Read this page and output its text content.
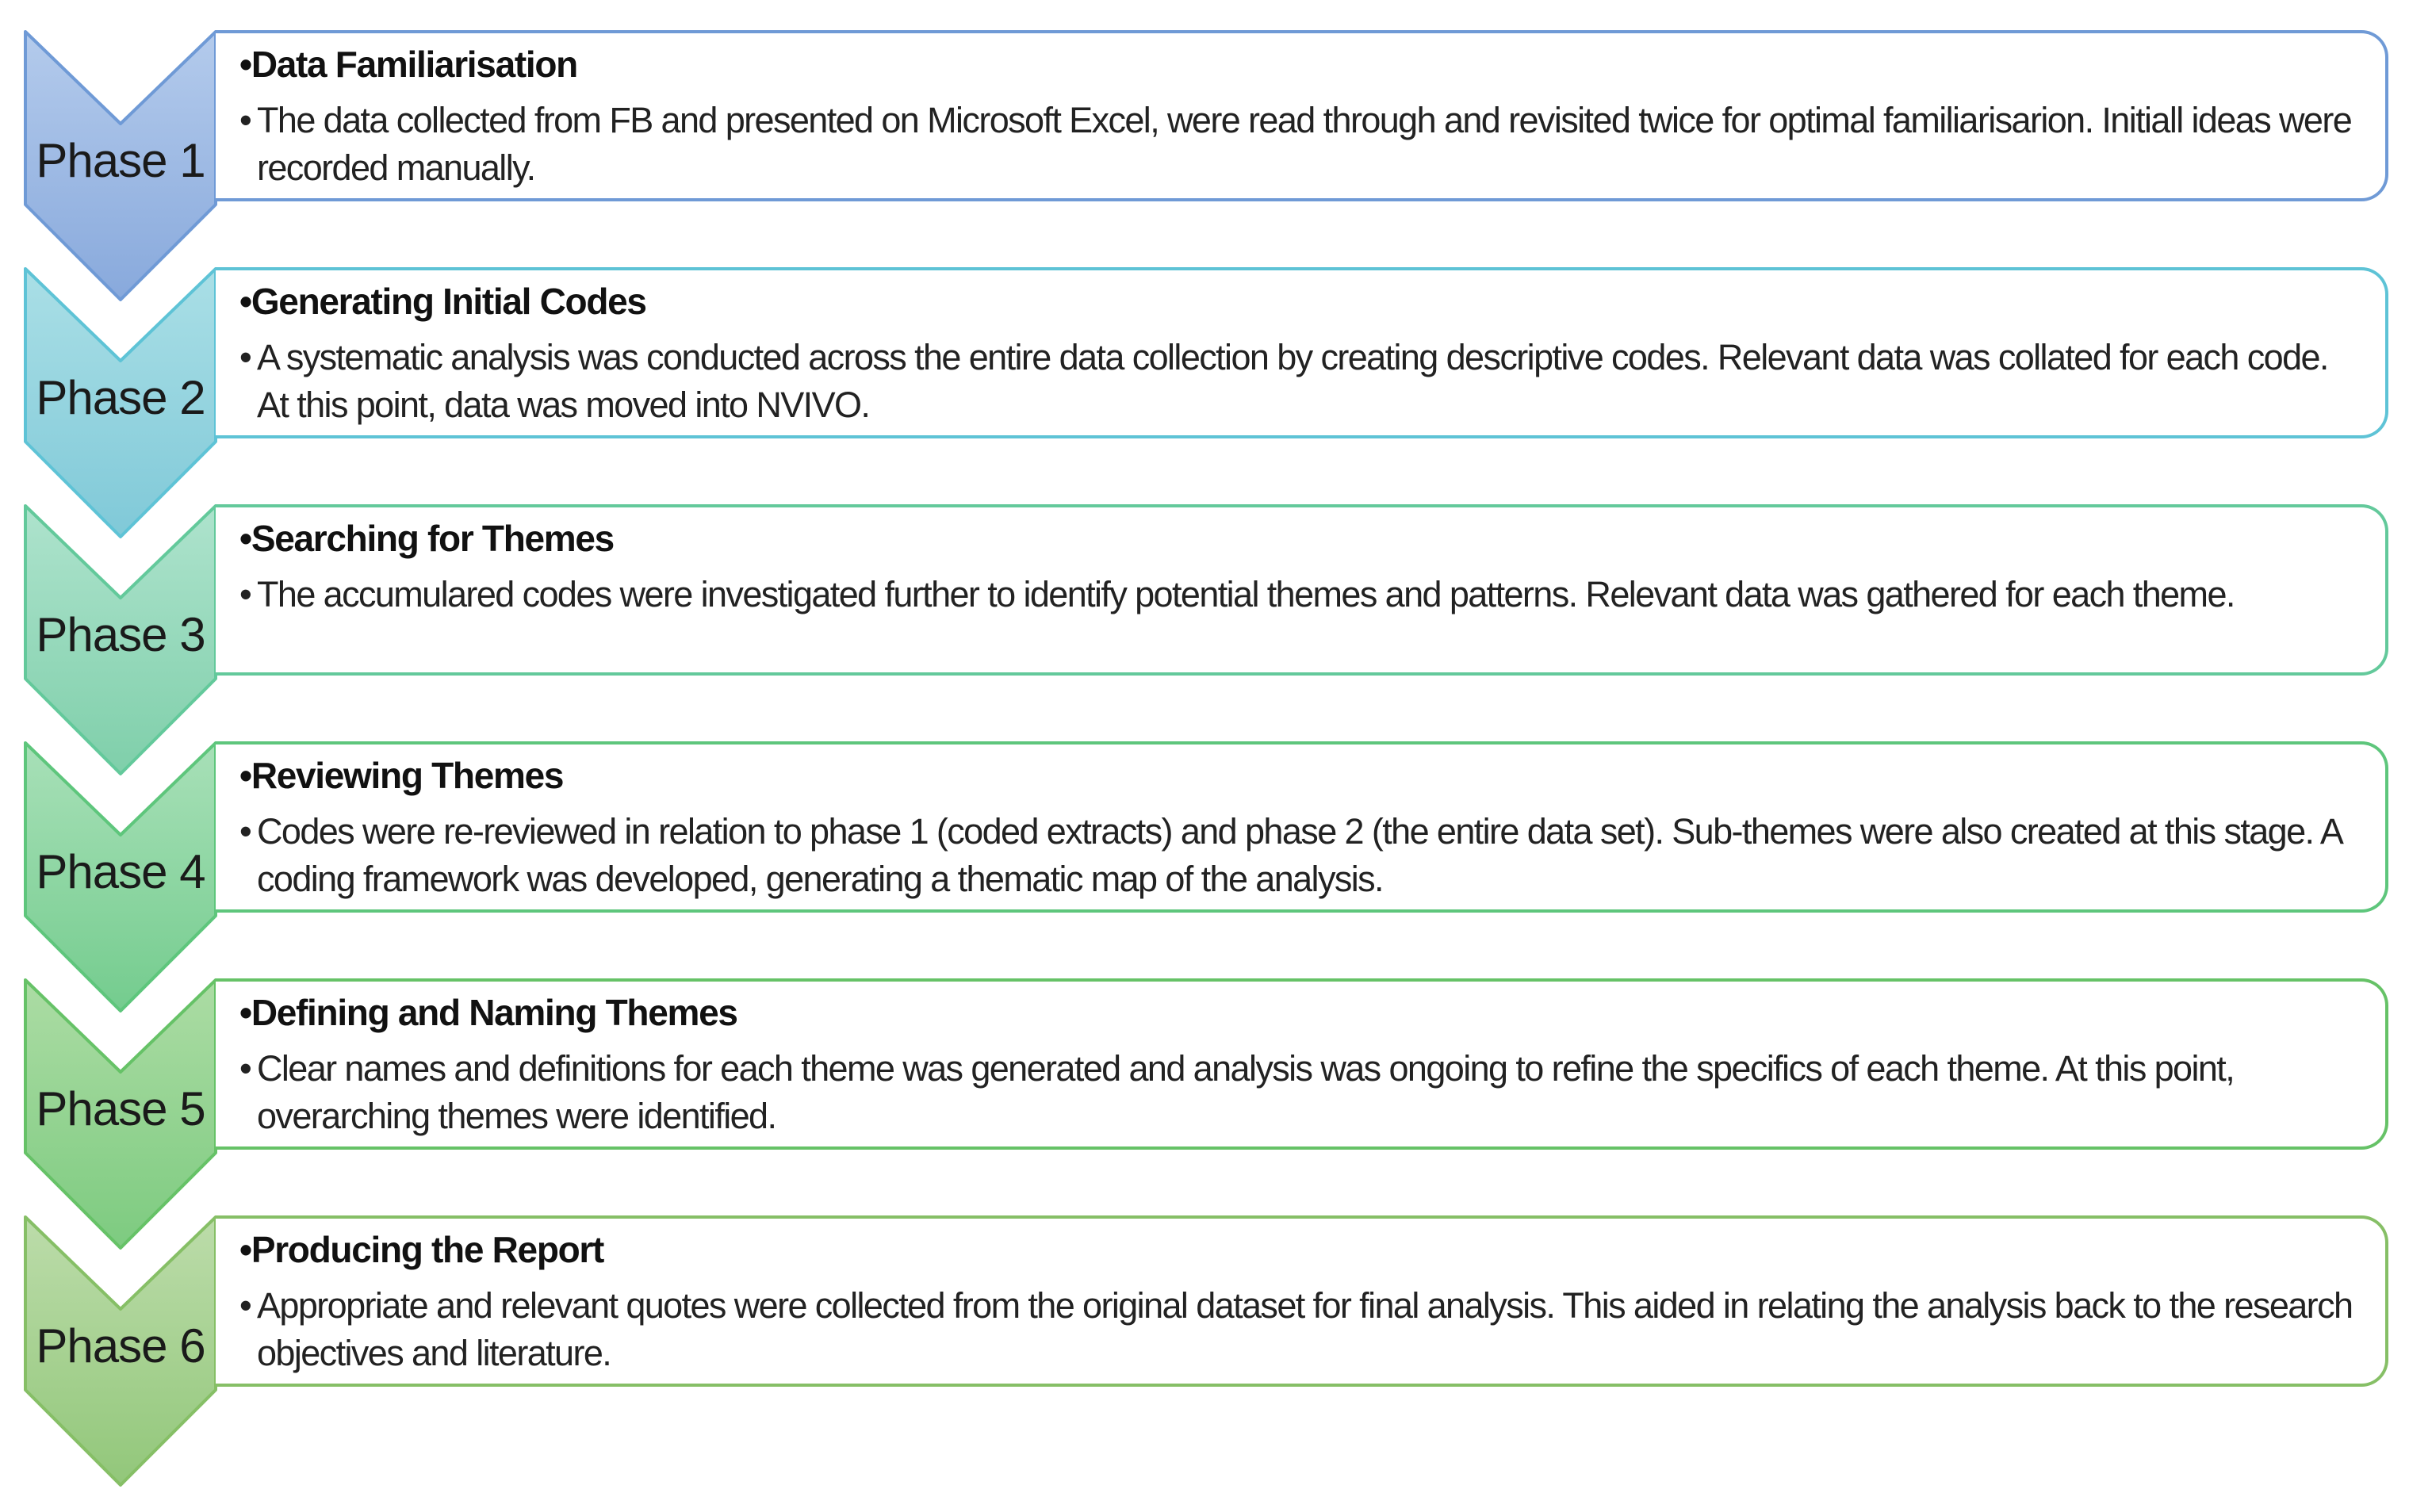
•Data Familiarisation
• The data collected from FB and presented on Microsoft Excel, were read through and revisited twice for optimal familiarisarion. Initiall ideas were recorded manually.
Phase 1
•Generating Initial Codes
• A systematic analysis was conducted across the entire data collection by creating descriptive codes. Relevant data was collated for each code. At this point, data was moved into NVIVO.
Phase 2
•Searching for Themes
• The accumulared codes were investigated further to identify potential themes and patterns. Relevant data was gathered for each theme.
Phase 3
•Reviewing Themes
• Codes were re-reviewed in relation to phase 1 (coded extracts) and phase 2 (the entire data set). Sub-themes were also created at this stage. A coding framework was developed, generating a thematic map of the analysis.
Phase 4
•Defining and Naming Themes
• Clear names and definitions for each theme was generated and analysis was ongoing to refine the specifics of each theme. At this point, overarching themes were identified.
Phase 5
•Producing the Report
• Appropriate and relevant quotes were collected from the original dataset for final analysis. This aided in relating the analysis back to the research objectives and literature.
Phase 6
